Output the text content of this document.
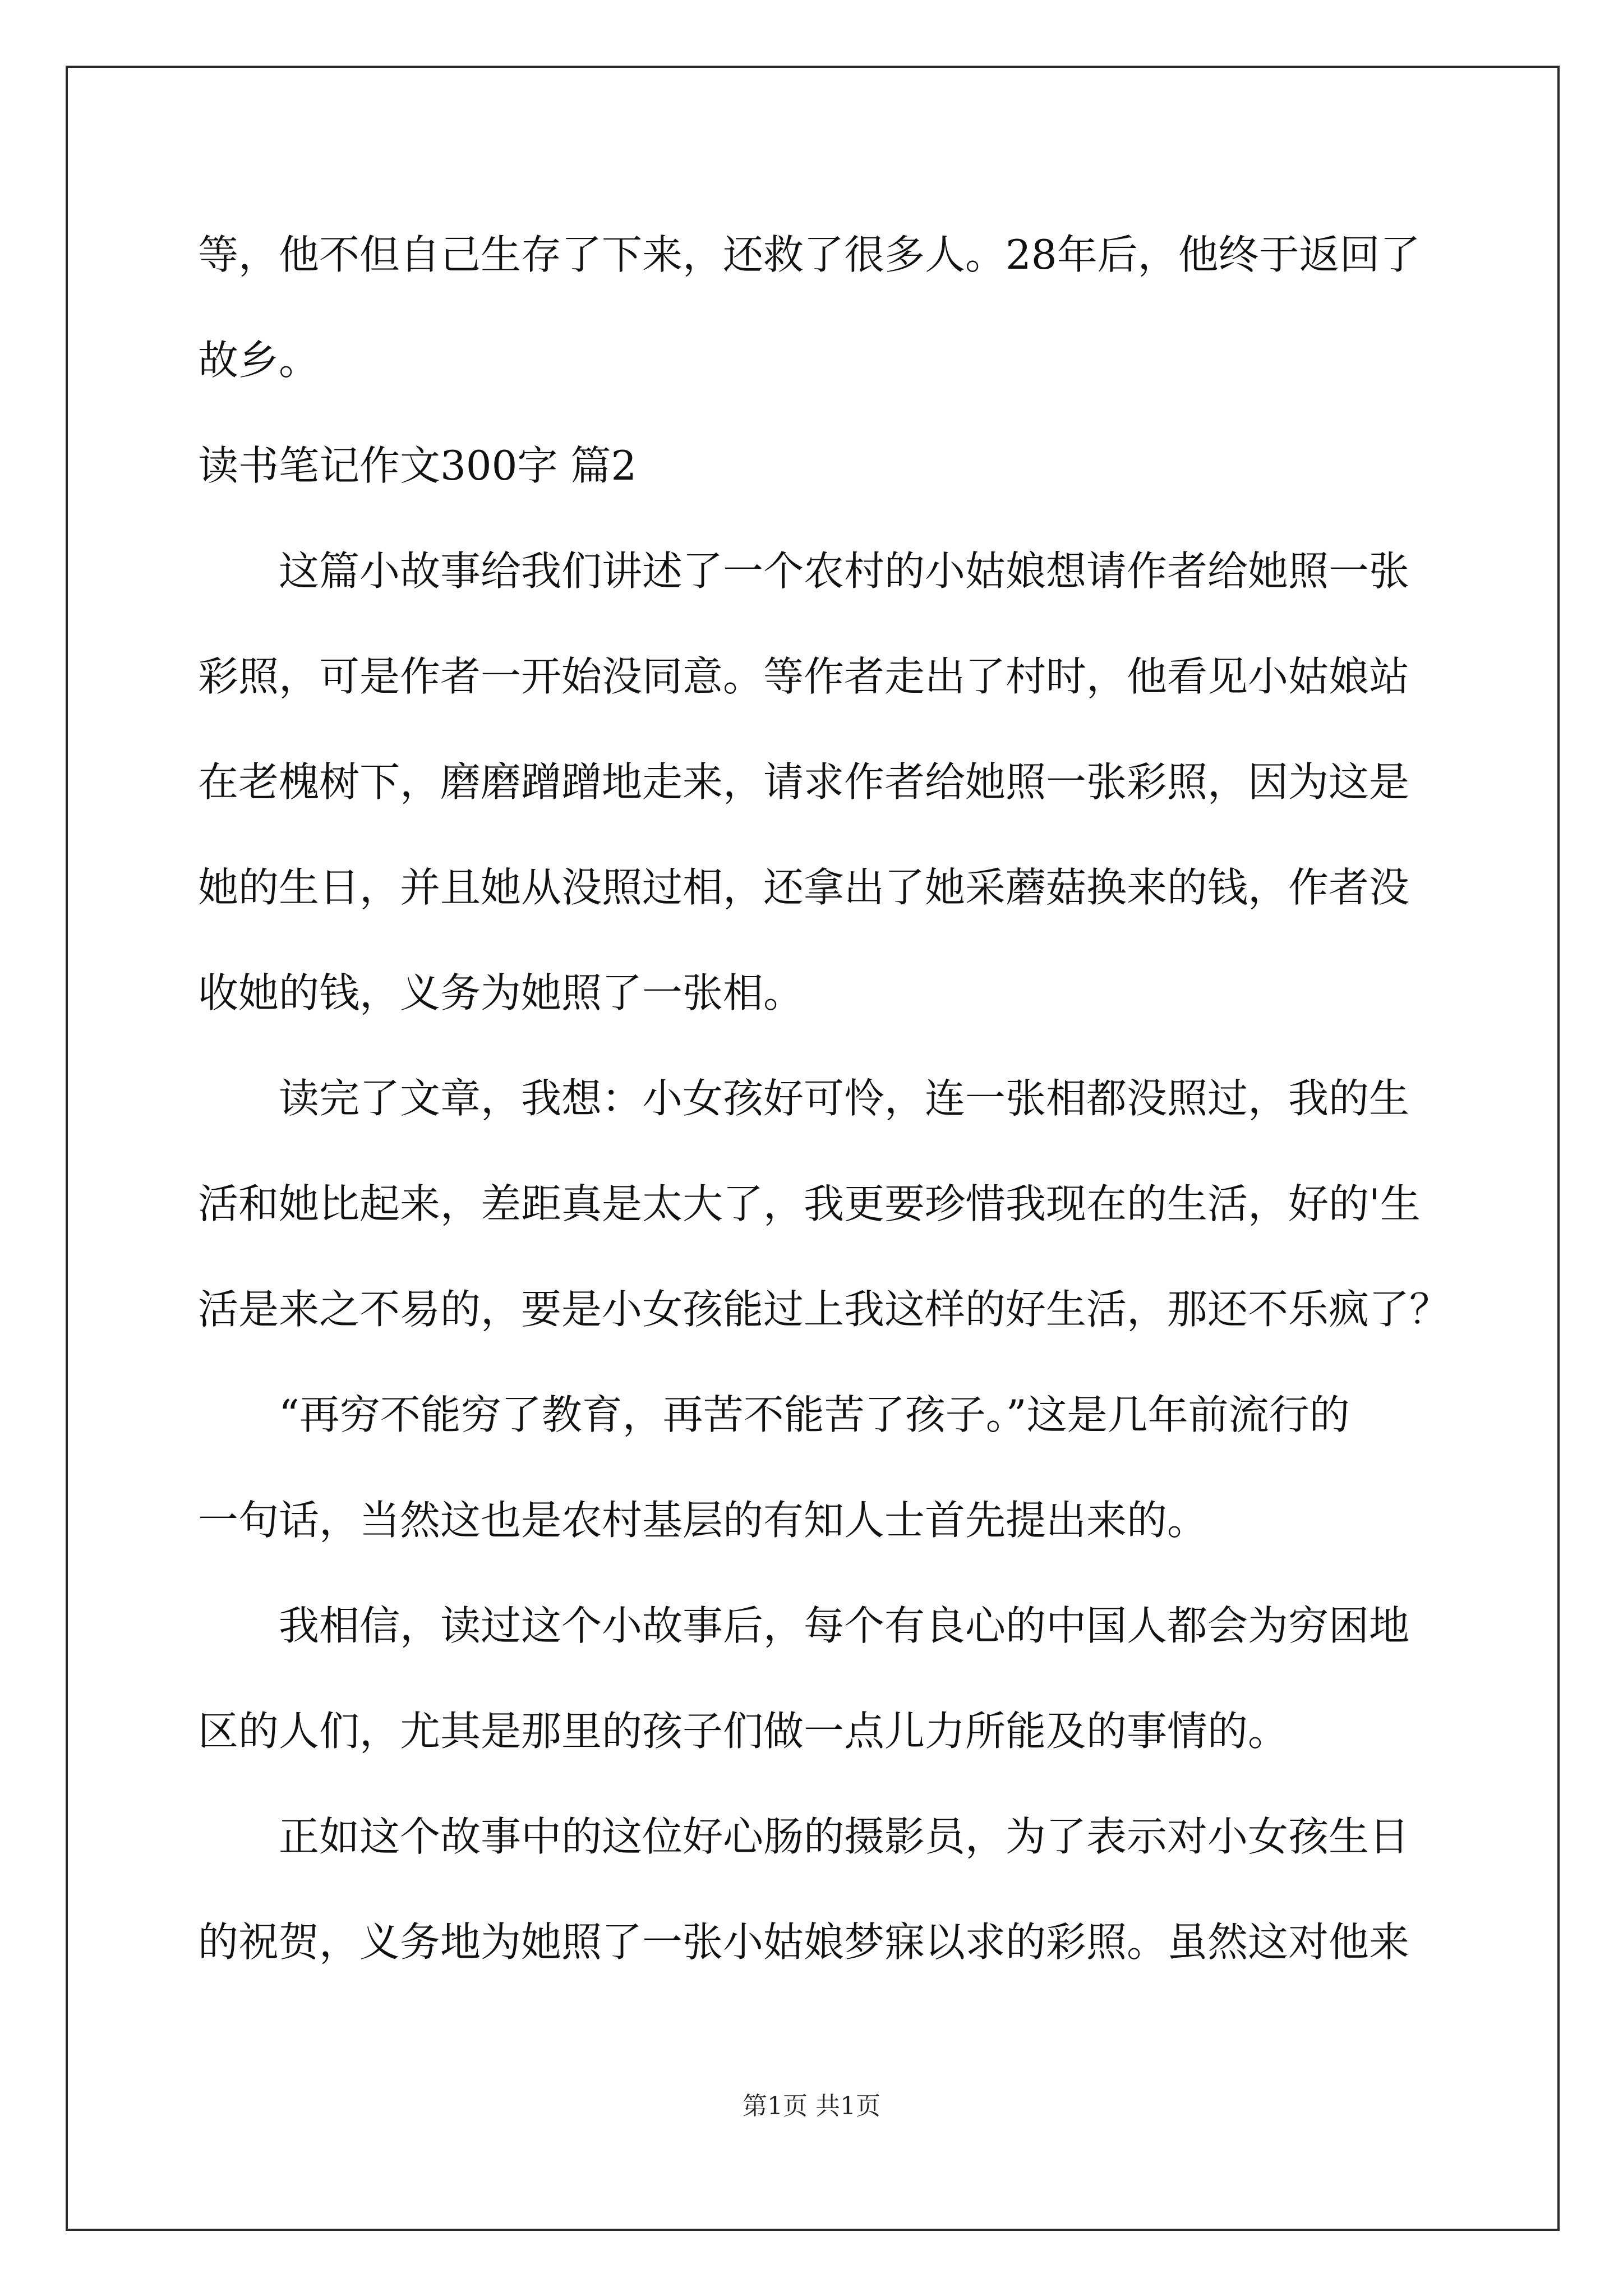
等，他不但自己生存了下来，还救了很多人。28年后，他终于返回了
故乡。
读书笔记作文300字 篇2
这篇小故事给我们讲述了一个农村的小姑娘想请作者给她照一张
彩照，可是作者一开始没同意。等作者走出了村时，他看见小姑娘站
在老槐树下，磨磨蹭蹭地走来，请求作者给她照一张彩照，因为这是
她的生日，并且她从没照过相，还拿出了她采蘑菇换来的钱，作者没
收她的钱，义务为她照了一张相。
读完了文章，我想：小女孩好可怜，连一张相都没照过，我的生
活和她比起来，差距真是太大了，我更要珍惜我现在的生活，好的'生
活是来之不易的，要是小女孩能过上我这样的好生活，那还不乐疯了？
“再穷不能穷了教育，再苦不能苦了孩子。”这是几年前流行的
一句话，当然这也是农村基层的有知人士首先提出来的。
我相信，读过这个小故事后，每个有良心的中国人都会为穷困地
区的人们，尤其是那里的孩子们做一点儿力所能及的事情的。
正如这个故事中的这位好心肠的摄影员，为了表示对小女孩生日
的祝贺，义务地为她照了一张小姑娘梦寐以求的彩照。虽然这对他来
第1页 共1页
